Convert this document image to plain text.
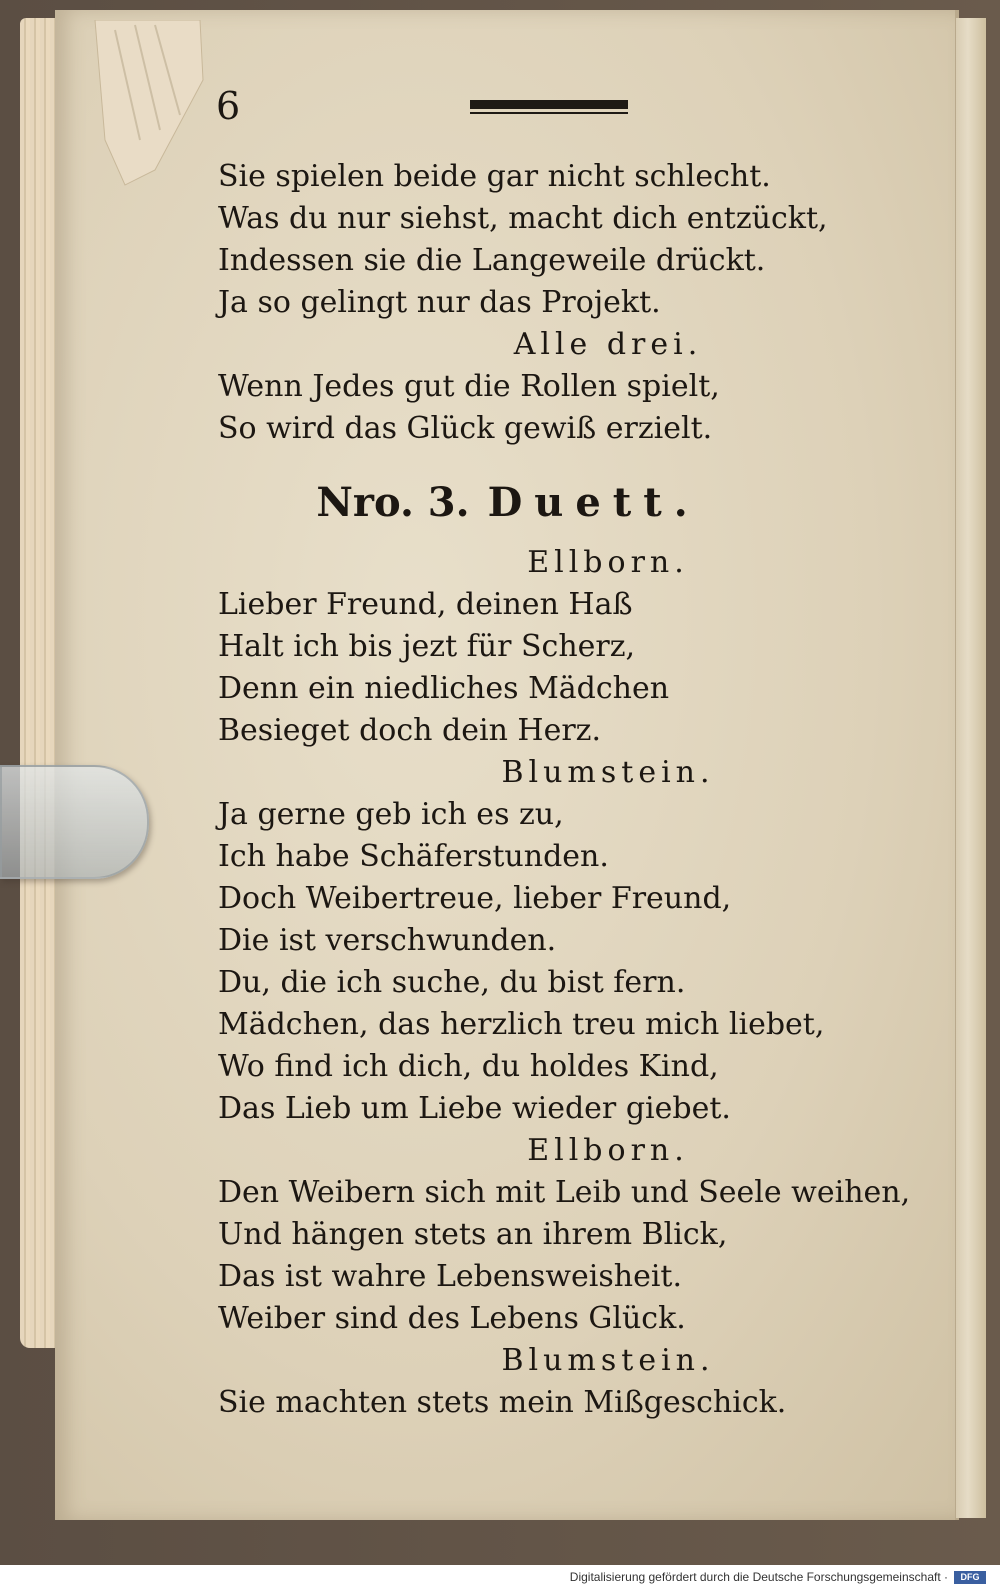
6
Sie spielen beide gar nicht schlecht.
Was du nur siehst, macht dich entzückt,
Indessen sie die Langeweile drückt.
Ja so gelingt nur das Projekt.
Alle drei.
Wenn Jedes gut die Rollen spielt,
So wird das Glück gewiß erzielt.
Nro. 3. Duett.
Ellborn.
Lieber Freund, deinen Haß
Halt ich bis jezt für Scherz,
Denn ein niedliches Mädchen
Besieget doch dein Herz.
Blumstein.
Ja gerne geb ich es zu,
Ich habe Schäferstunden.
Doch Weibertreue, lieber Freund,
Die ist verschwunden.
Du, die ich suche, du bist fern.
Mädchen, das herzlich treu mich liebet,
Wo find ich dich, du holdes Kind,
Das Lieb um Liebe wieder giebet.
Ellborn.
Den Weibern sich mit Leib und Seele weihen,
Und hängen stets an ihrem Blick,
Das ist wahre Lebensweisheit.
Weiber sind des Lebens Glück.
Blumstein.
Sie machten stets mein Mißgeschick.
Digitalisierung gefördert durch die Deutsche Forschungsgemeinschaft ·	DFG
